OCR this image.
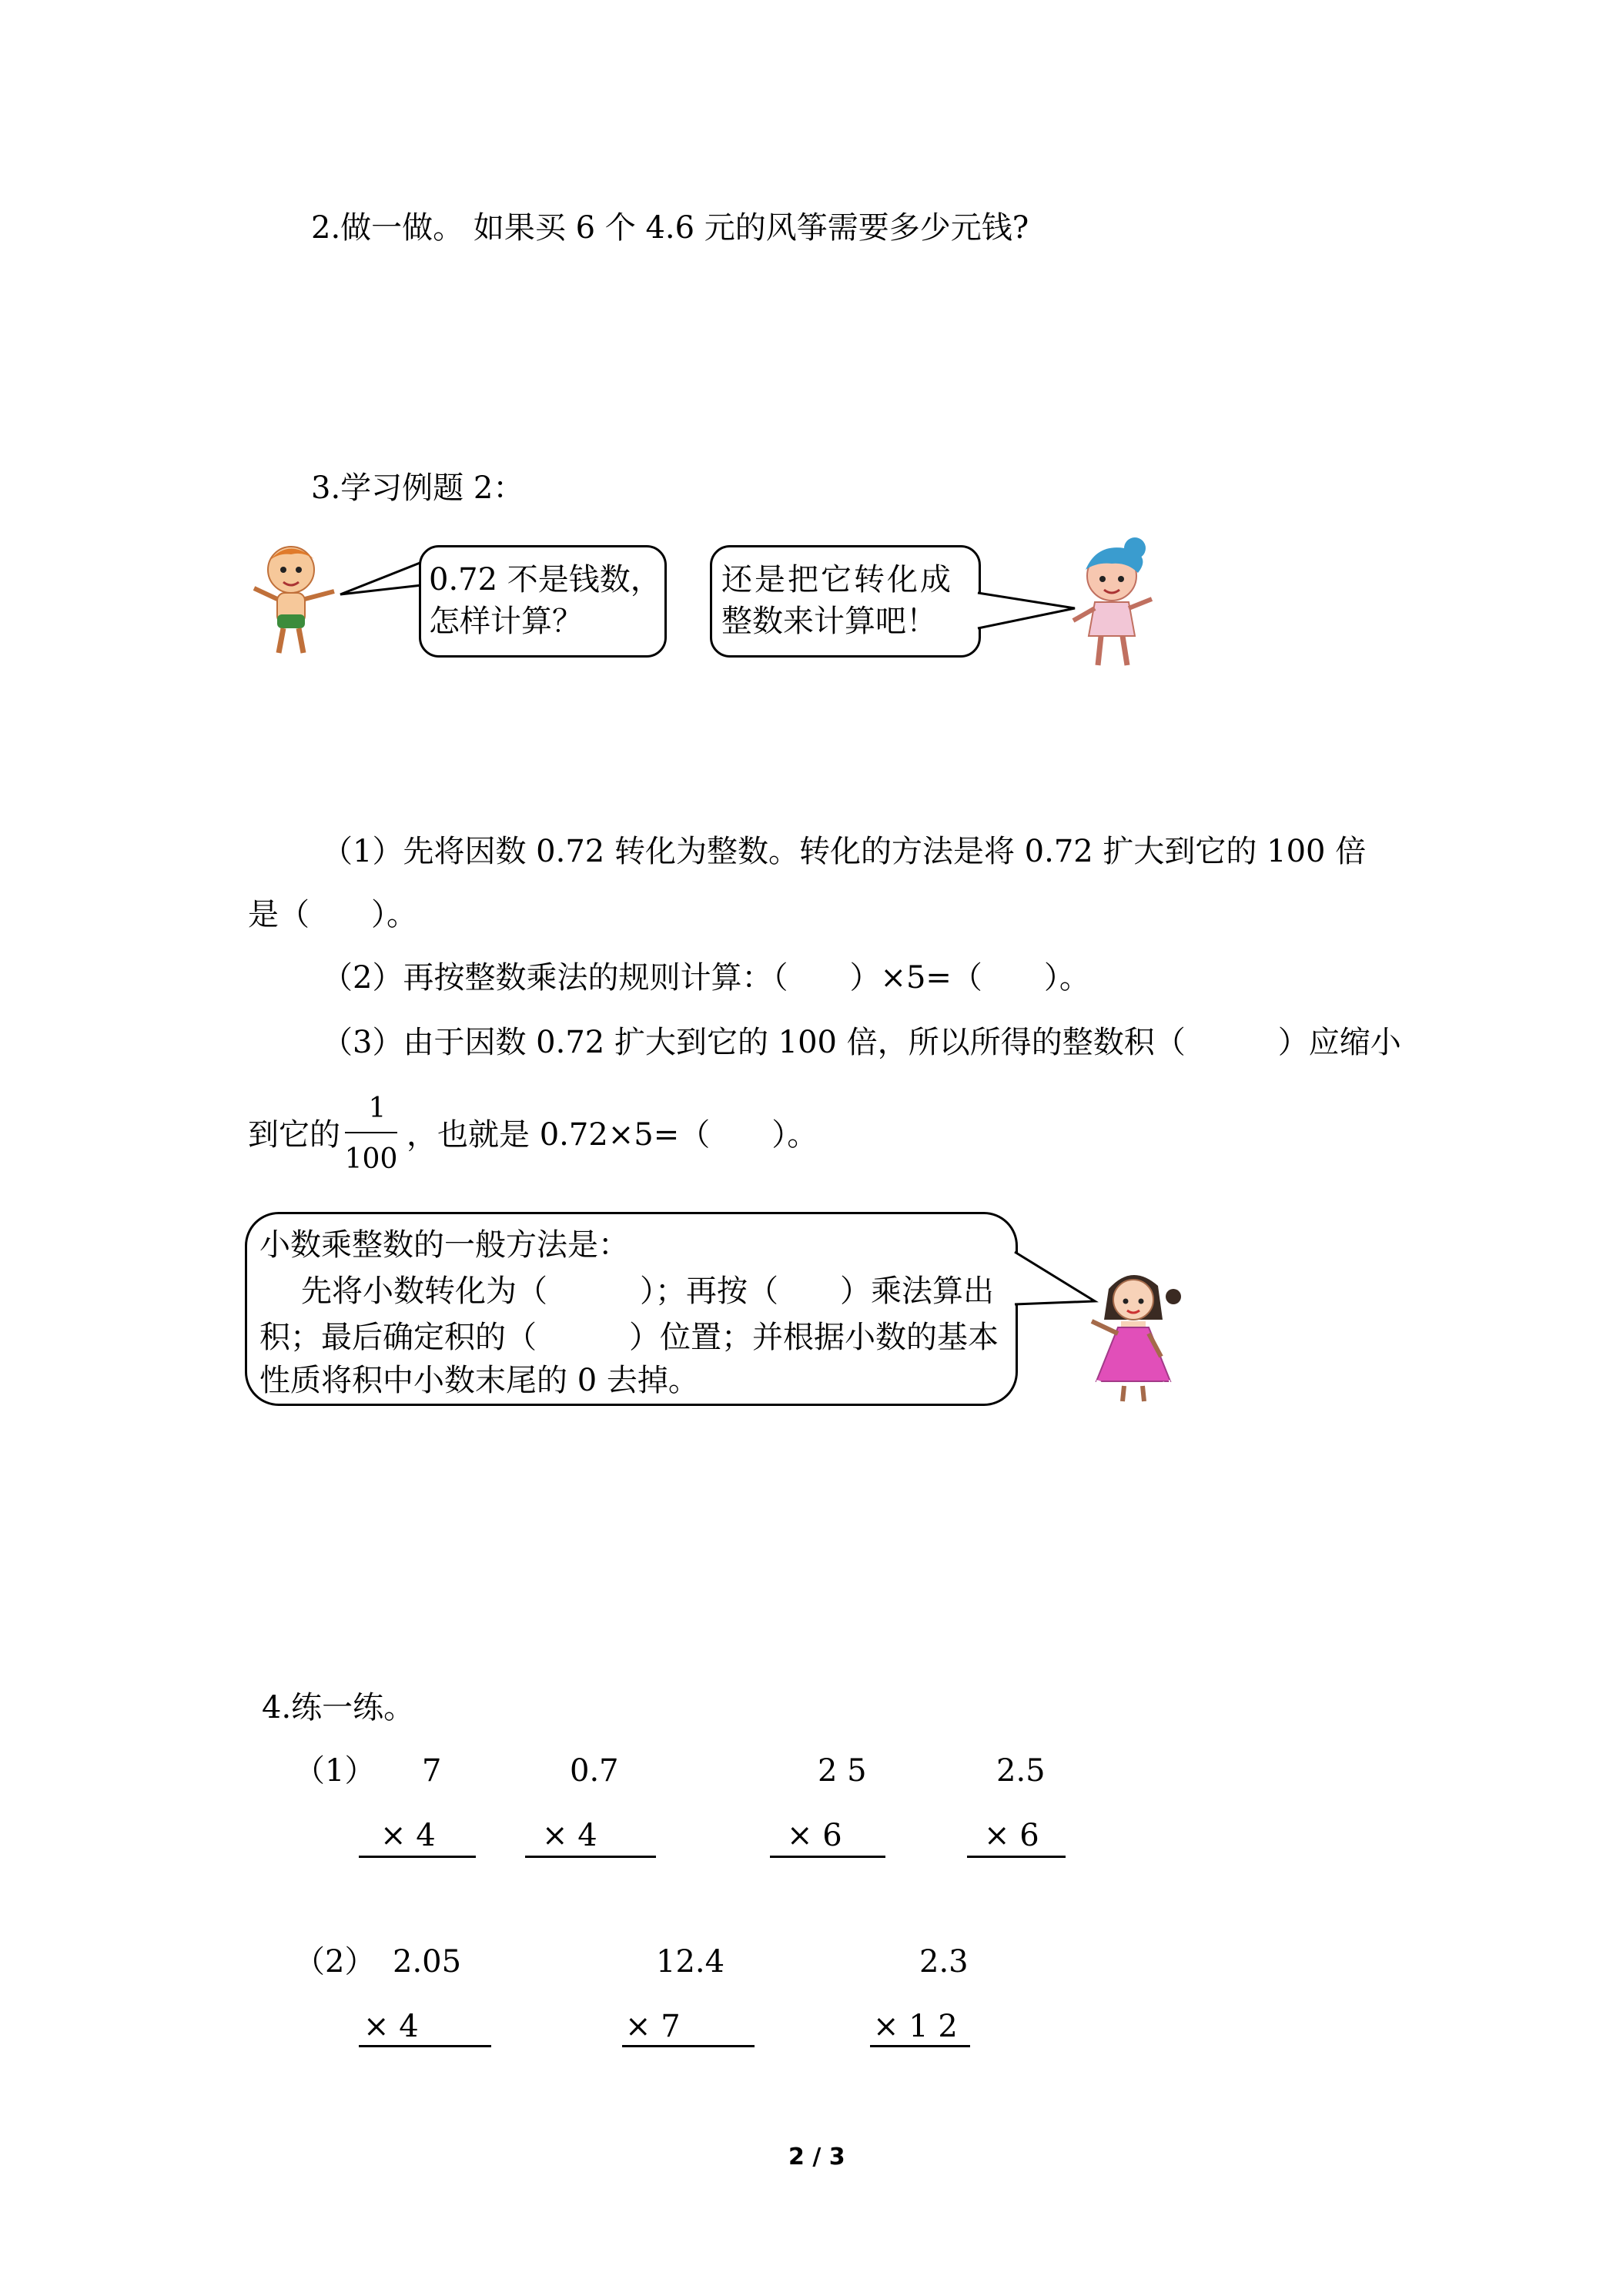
2.做一做。 如果买 6 个 4.6 元的风筝需要多少元钱?
3.学习例题 2：
0.72 不是钱数，
怎样计算？
还是把它转化成
整数来计算吧！
（1）先将因数 0.72 转化为整数。转化的方法是将 0.72 扩大到它的 100 倍
是（　　）。
（2）再按整数乘法的规则计算：（　　）×5=（　　）。
（3）由于因数 0.72 扩大到它的 100 倍，所以所得的整数积（　　　）应缩小
到它的
1
100
，也就是 0.72×5=（　　）。
小数乘整数的一般方法是：
先将小数转化为（　　　）；再按（　　）乘法算出
积；最后确定积的（　　　）位置；并根据小数的基本
性质将积中小数末尾的 0 去掉。
4.练一练。
（1） 7
× 4
0.7
× 4
2 5
× 6
2.5
× 6
（2） 2.05
× 4
12.4
× 7
2.3
× 1 2
2 / 3
